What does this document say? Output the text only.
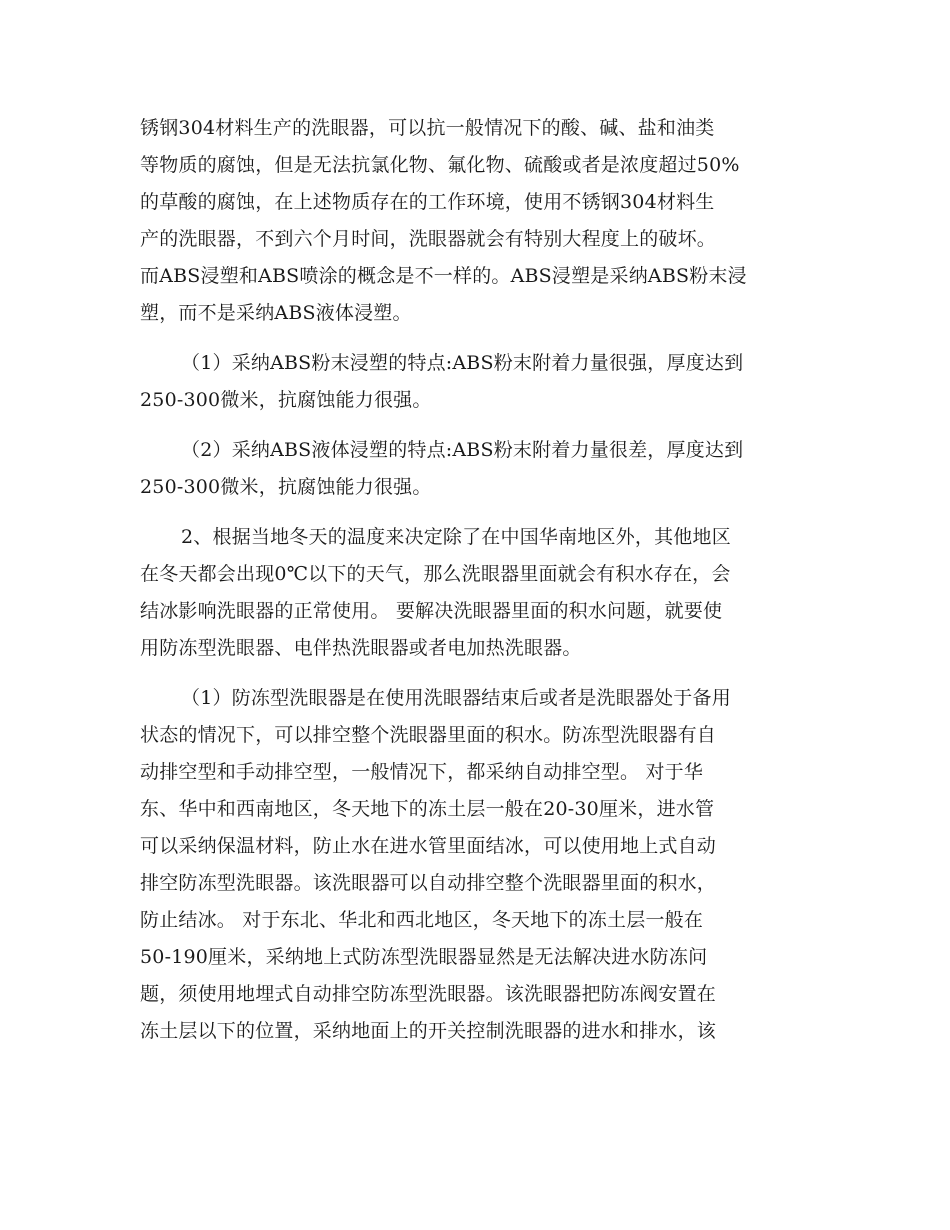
锈钢304材料生产的洗眼器，可以抗一般情况下的酸、碱、盐和油类
等物质的腐蚀，但是无法抗氯化物、氟化物、硫酸或者是浓度超过50%
的草酸的腐蚀，在上述物质存在的工作环境，使用不锈钢304材料生
产的洗眼器，不到六个月时间，洗眼器就会有特别大程度上的破坏。
而ABS浸塑和ABS喷涂的概念是不一样的。ABS浸塑是采纳ABS粉末浸
塑，而不是采纳ABS液体浸塑。
（1）采纳ABS粉末浸塑的特点:ABS粉末附着力量很强，厚度达到
250-300微米，抗腐蚀能力很强。
（2）采纳ABS液体浸塑的特点:ABS粉末附着力量很差，厚度达到
250-300微米，抗腐蚀能力很强。
2、根据当地冬天的温度来决定除了在中国华南地区外，其他地区
在冬天都会出现0℃以下的天气，那么洗眼器里面就会有积水存在，会
结冰影响洗眼器的正常使用。 要解决洗眼器里面的积水问题，就要使
用防冻型洗眼器、电伴热洗眼器或者电加热洗眼器。
（1）防冻型洗眼器是在使用洗眼器结束后或者是洗眼器处于备用
状态的情况下，可以排空整个洗眼器里面的积水。防冻型洗眼器有自
动排空型和手动排空型，一般情况下，都采纳自动排空型。 对于华
东、华中和西南地区，冬天地下的冻土层一般在20-30厘米，进水管
可以采纳保温材料，防止水在进水管里面结冰，可以使用地上式自动
排空防冻型洗眼器。该洗眼器可以自动排空整个洗眼器里面的积水，
防止结冰。 对于东北、华北和西北地区，冬天地下的冻土层一般在
50-190厘米，采纳地上式防冻型洗眼器显然是无法解决进水防冻问
题，须使用地埋式自动排空防冻型洗眼器。该洗眼器把防冻阀安置在
冻土层以下的位置，采纳地面上的开关控制洗眼器的进水和排水，该
